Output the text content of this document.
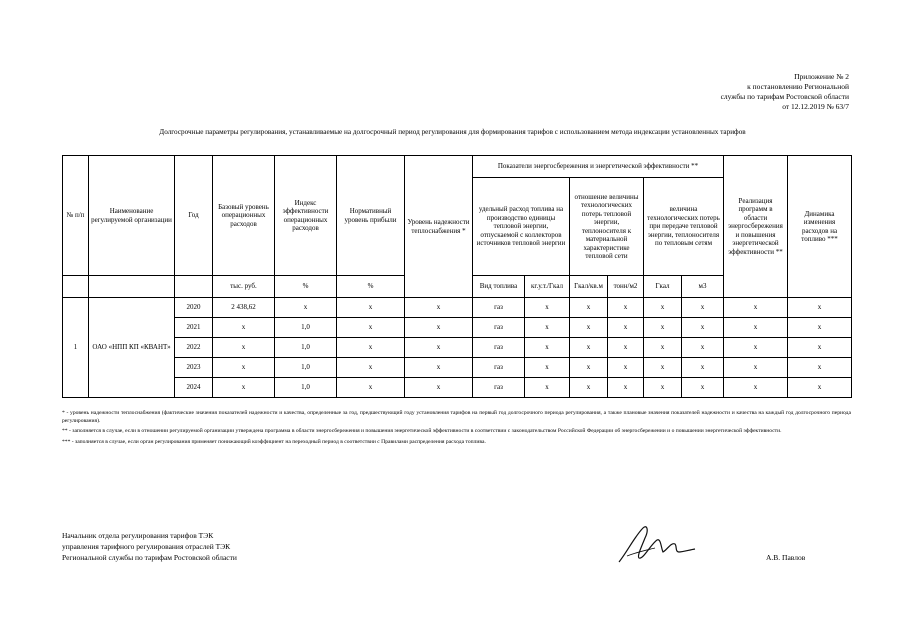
Приложение № 2
к постановлению Региональной
службы по тарифам Ростовской области
от 12.12.2019 № 63/7
Долгосрочные параметры регулирования, устанавливаемые на долгосрочный период регулирования для формирования тарифов с использованием метода индексации установленных тарифов
№ п/п	Наименование регулируемой организации	Год	Базовый уровень операционных расходов	Индекс эффективности операционных расходов	Нормативный уровень прибыли	Уровень надежности теплоснабжения *	Показатели энергосбережения и энергетической эффективности **						Реализация программ в области энергосбережения и повышения энергетической эффективности **	Динамика изменения расходов на топливо ***
							удельный расход топлива на производство единицы тепловой энергии, отпускаемой с коллекторов источников тепловой энергии		отношение величины технологических потерь тепловой энергии, теплоносителя к материальной характеристике тепловой сети		величина технологических потерь при передаче тепловой энергии, теплоносителя по тепловым сетям			
			тыс. руб.	%	%		Вид топлива	кг.у.т./Гкал	Гкал/кв.м	тонн/м2	Гкал	м3		
1	ОАО «НПП КП «КВАНТ»	2020	2 438,62	х	х	х	газ	х	х	х	х	х	х	х
		2021	х	1,0	х	х	газ	х	х	х	х	х	х	х
		2022	х	1,0	х	х	газ	х	х	х	х	х	х	х
		2023	х	1,0	х	х	газ	х	х	х	х	х	х	х
		2024	х	1,0	х	х	газ	х	х	х	х	х	х	х

* - уровень надежности теплоснабжения (фактические значения показателей надежности и качества, определенные за год, предшествующий году установления тарифов на первый год долгосрочного периода регулирования, а также плановые значения показателей надежности и качества на каждый год долгосрочного периода регулирования).

** - заполняется в случае, если в отношении регулируемой организации утверждена программа в области энергосбережения и повышения энергетической эффективности в соответствии с законодательством Российской Федерации об энергосбережении и о повышении энергетической эффективности.

*** - заполняется в случае, если орган регулирования применяет понижающий коэффициент на переходный период в соответствии с Правилами распределения расхода топлива.

Начальник отдела регулирования тарифов ТЭК
управления тарифного регулирования отраслей ТЭК
Региональной службы по тарифам Ростовской области	А.В. Павлов
